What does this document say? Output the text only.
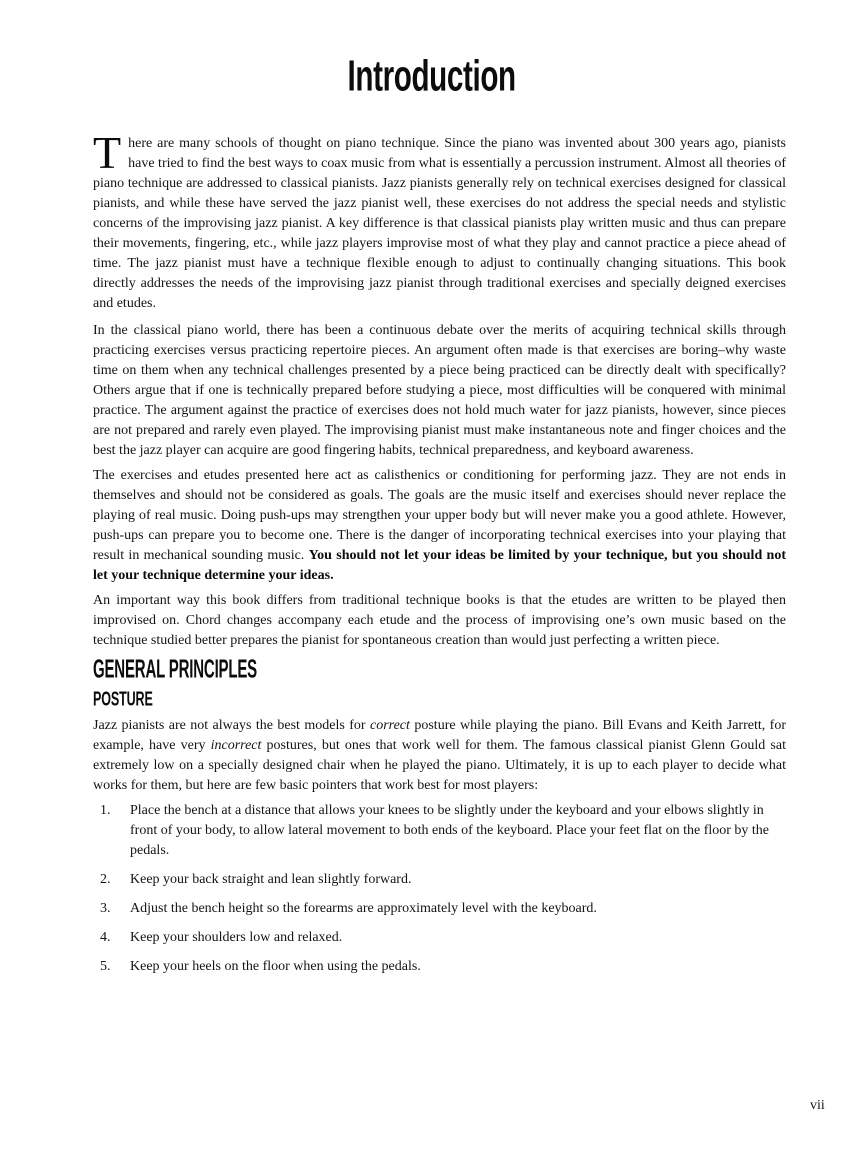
Introduction

There are many schools of thought on piano technique. Since the piano was invented about 300 years ago, pianists have tried to find the best ways to coax music from what is essentially a percussion instrument. Almost all theories of piano technique are addressed to classical pianists. Jazz pianists generally rely on technical exercises designed for classical pianists, and while these have served the jazz pianist well, these exercises do not address the special needs and stylistic concerns of the improvising jazz pianist. A key difference is that classical pianists play written music and thus can prepare their movements, fingering, etc., while jazz players improvise most of what they play and cannot practice a piece ahead of time. The jazz pianist must have a technique flexible enough to adjust to continually changing situations. This book directly addresses the needs of the improvising jazz pianist through traditional exercises and specially deigned exercises and etudes.

In the classical piano world, there has been a continuous debate over the merits of acquiring technical skills through practicing exercises versus practicing repertoire pieces. An argument often made is that exercises are boring–why waste time on them when any technical challenges presented by a piece being practiced can be directly dealt with specifically? Others argue that if one is technically prepared before studying a piece, most difficulties will be conquered with minimal practice. The argument against the practice of exercises does not hold much water for jazz pianists, however, since pieces are not prepared and rarely even played. The improvising pianist must make instantaneous note and finger choices and the best the jazz player can acquire are good fingering habits, technical preparedness, and keyboard awareness.

The exercises and etudes presented here act as calisthenics or conditioning for performing jazz. They are not ends in themselves and should not be considered as goals. The goals are the music itself and exercises should never replace the playing of real music. Doing push-ups may strengthen your upper body but will never make you a good athlete. However, push-ups can prepare you to become one. There is the danger of incorporating technical exercises into your playing that result in mechanical sounding music. You should not let your ideas be limited by your technique, but you should not let your technique determine your ideas.

An important way this book differs from traditional technique books is that the etudes are written to be played then improvised on. Chord changes accompany each etude and the process of improvising one’s own music based on the technique studied better prepares the pianist for spontaneous creation than would just perfecting a written piece.

GENERAL PRINCIPLES
POSTURE

Jazz pianists are not always the best models for correct posture while playing the piano. Bill Evans and Keith Jarrett, for example, have very incorrect postures, but ones that work well for them. The famous classical pianist Glenn Gould sat extremely low on a specially designed chair when he played the piano. Ultimately, it is up to each player to decide what works for them, but here are few basic pointers that work best for most players:

1. Place the bench at a distance that allows your knees to be slightly under the keyboard and your elbows slightly in front of your body, to allow lateral movement to both ends of the keyboard. Place your feet flat on the floor by the pedals.
2. Keep your back straight and lean slightly forward.
3. Adjust the bench height so the forearms are approximately level with the keyboard.
4. Keep your shoulders low and relaxed.
5. Keep your heels on the floor when using the pedals.
vii
